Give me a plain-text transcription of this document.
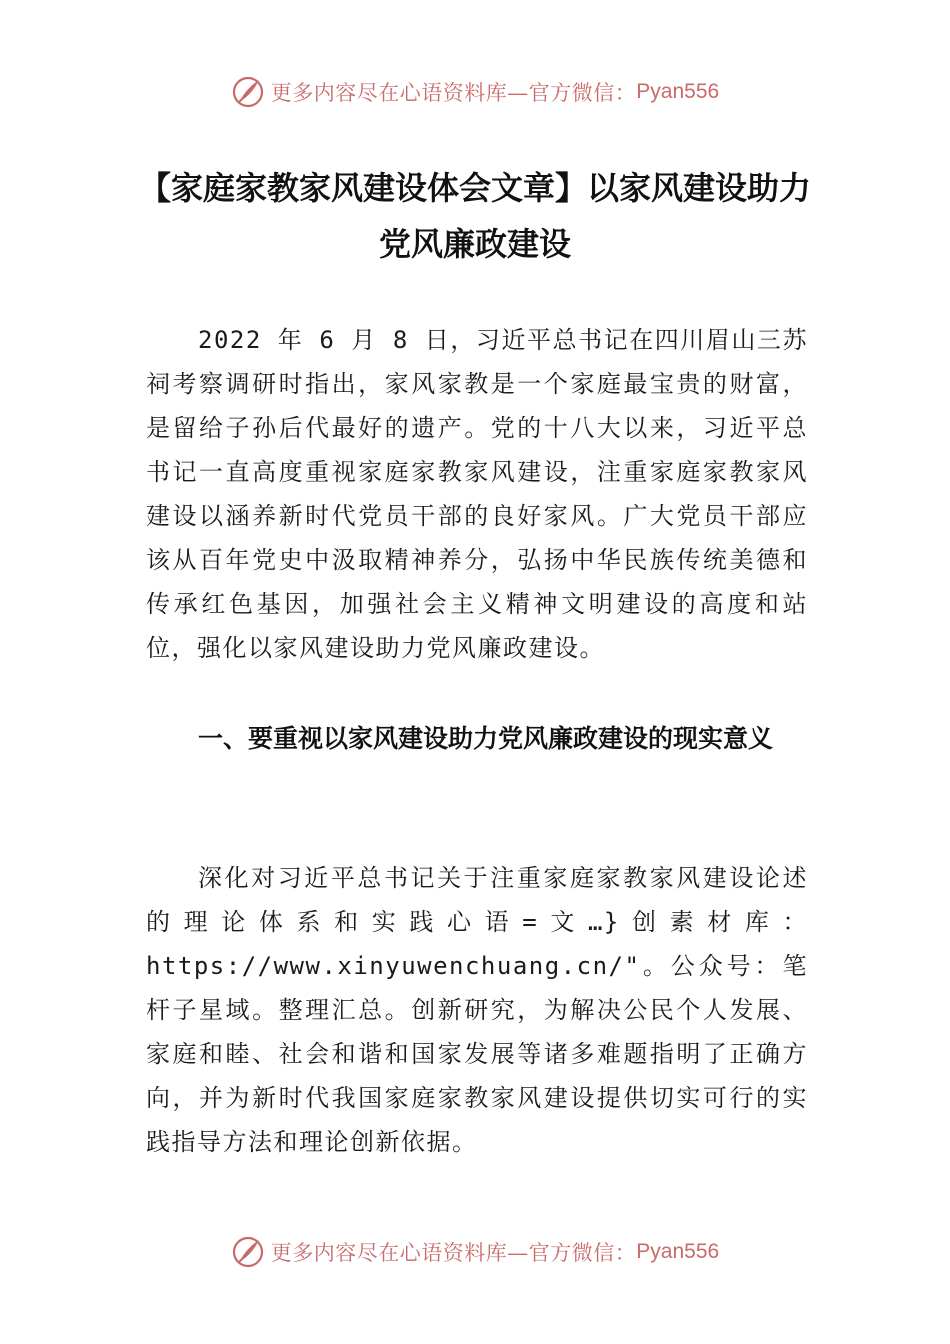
更多内容尽在心语资料库—官方微信： Pyan556
【家庭家教家风建设体会文章】以家风建设助力党风廉政建设
2022 年 6 月 8 日，习近平总书记在四川眉山三苏祠考察调研时指出，家风家教是一个家庭最宝贵的财富，是留给子孙后代最好的遗产。党的十八大以来，习近平总书记一直高度重视家庭家教家风建设，注重家庭家教家风建设以涵养新时代党员干部的良好家风。广大党员干部应该从百年党史中汲取精神养分，弘扬中华民族传统美德和传承红色基因，加强社会主义精神文明建设的高度和站位，强化以家风建设助力党风廉政建设。
一、要重视以家风建设助力党风廉政建设的现实意义
深化对习近平总书记关于注重家庭家教家风建设论述的理论体系和实践心语=文…}创素材库：https://www.xinyuwenchuang.cn/"。公众号：笔杆子星域。整理汇总。创新研究，为解决公民个人发展、家庭和睦、社会和谐和国家发展等诸多难题指明了正确方向，并为新时代我国家庭家教家风建设提供切实可行的实践指导方法和理论创新依据。
更多内容尽在心语资料库—官方微信： Pyan556
